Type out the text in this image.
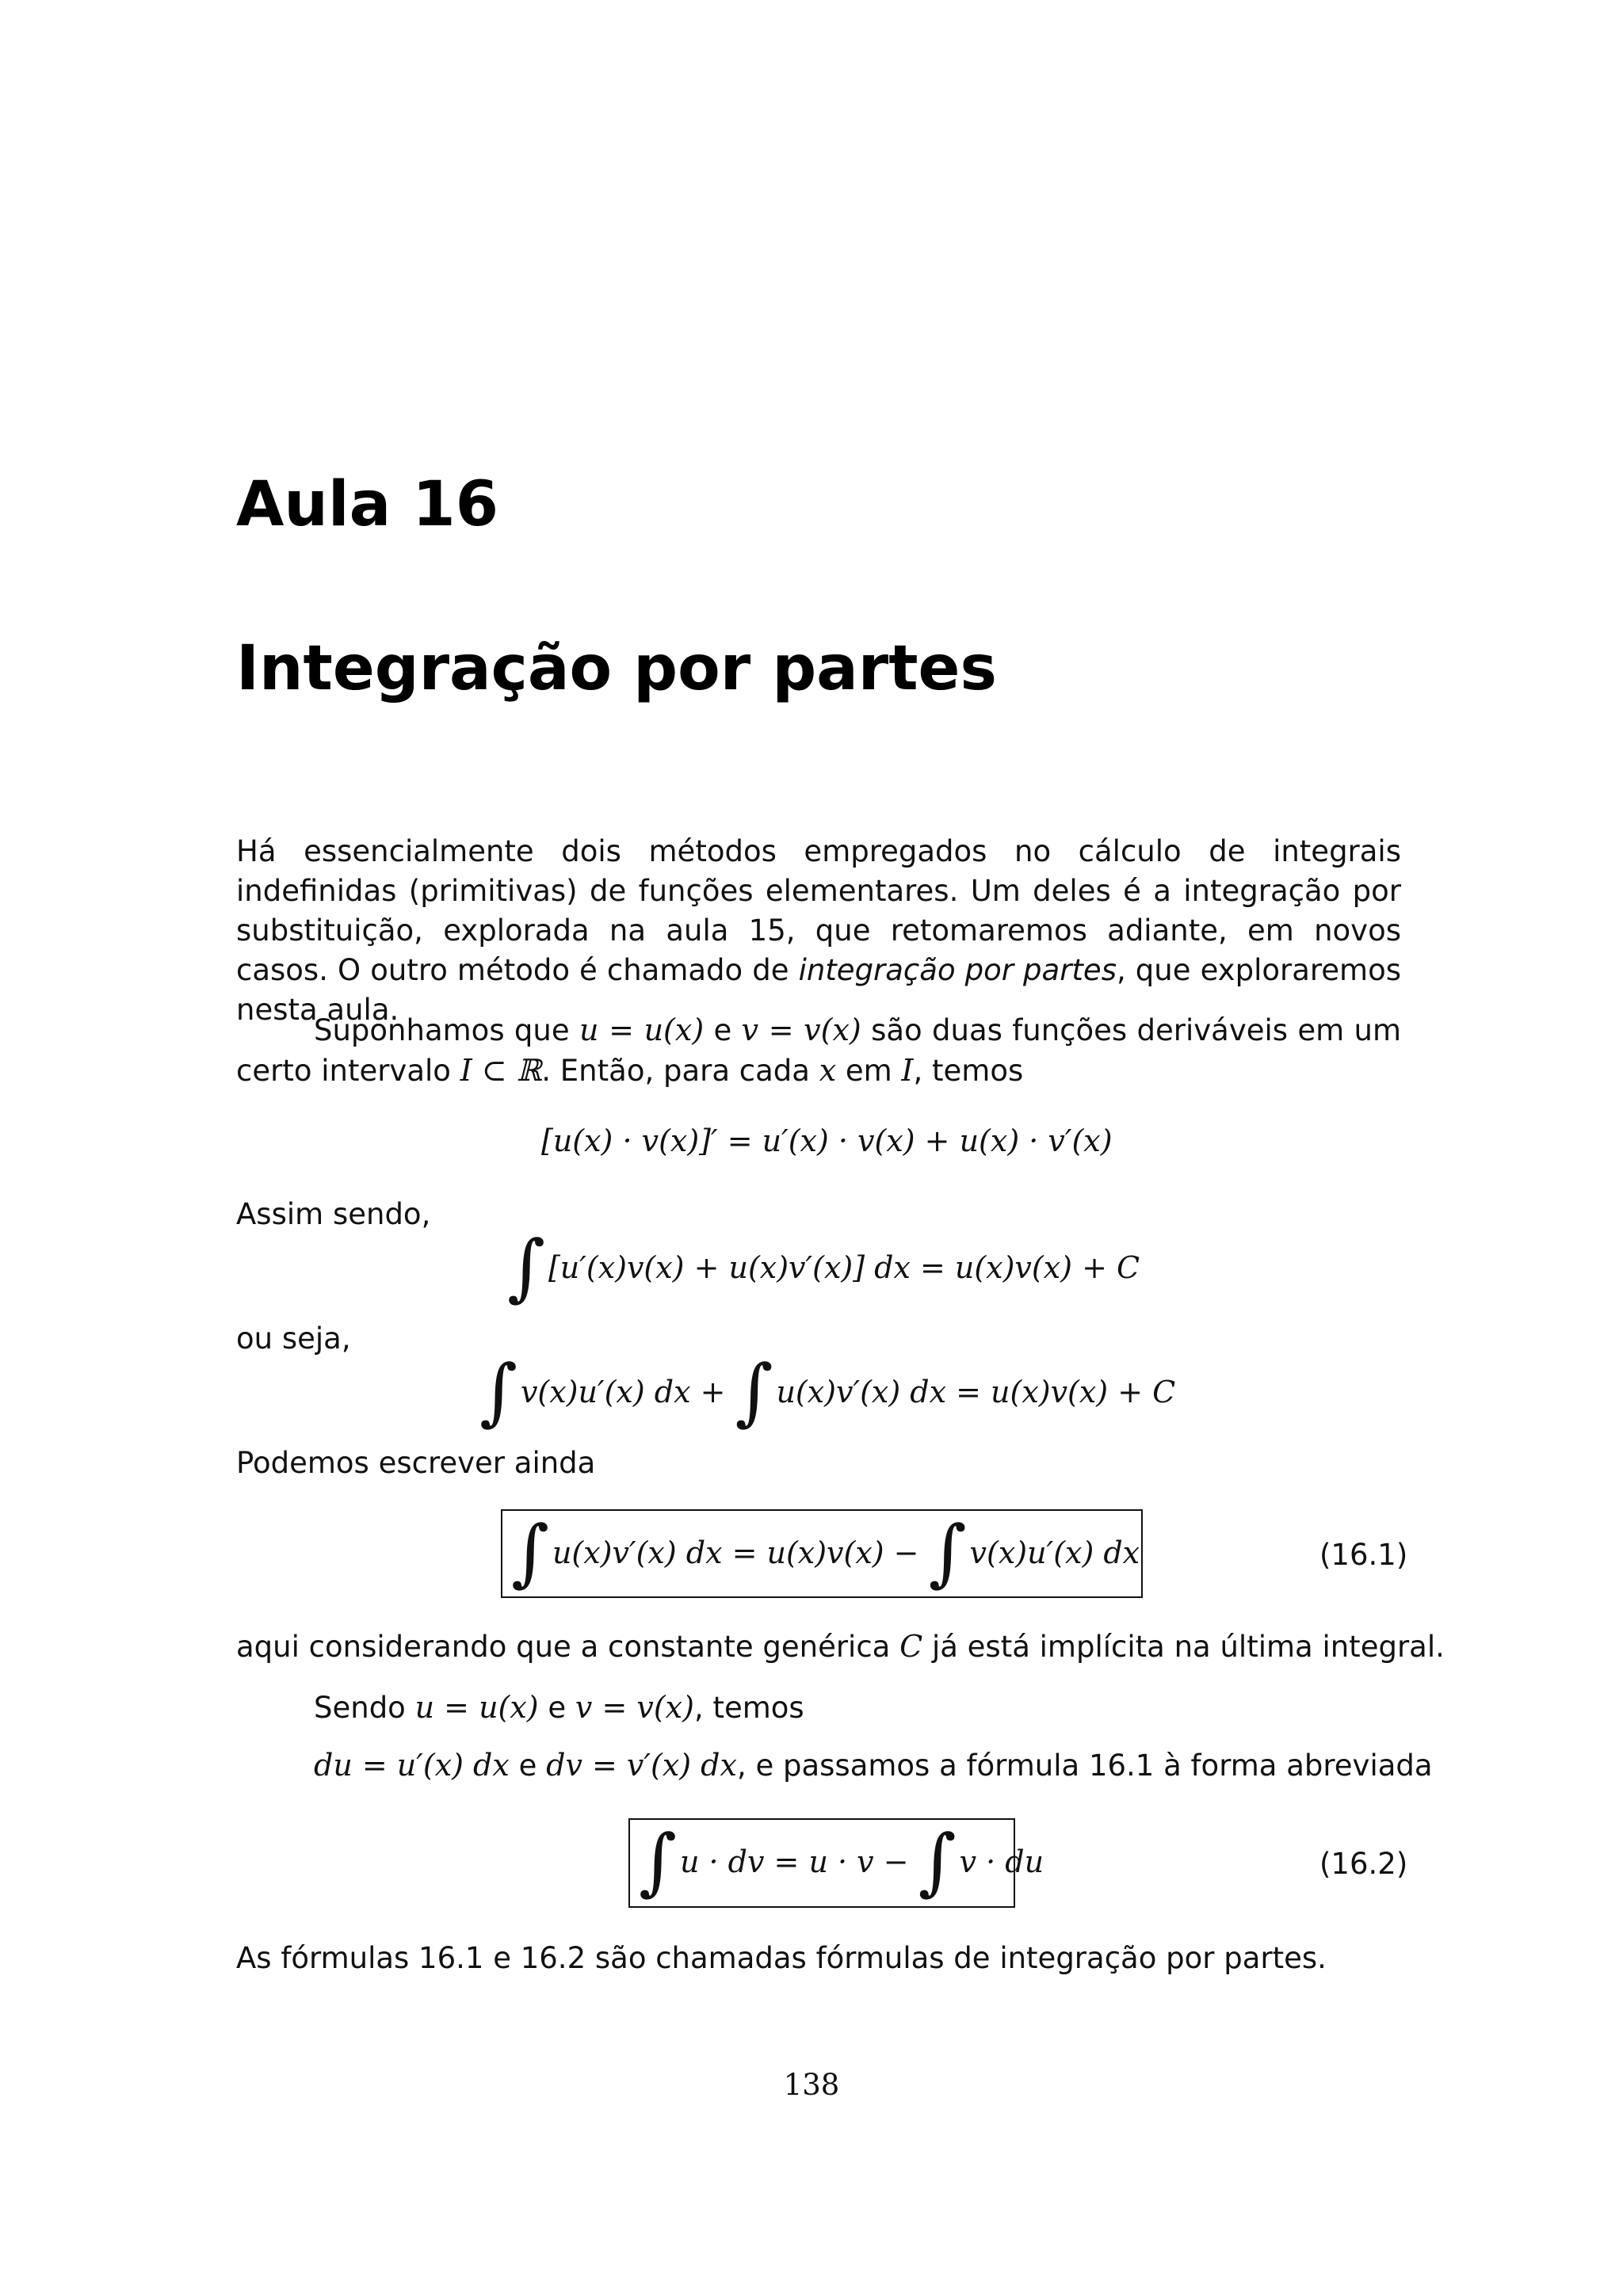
Aula 16
Integração por partes

Há essencialmente dois métodos empregados no cálculo de integrais indefinidas (primitivas) de funções elementares. Um deles é a integração por substituição, explorada na aula 15, que retomaremos adiante, em novos casos. O outro método é chamado de integração por partes, que exploraremos nesta aula.

Suponhamos que u = u(x) e v = v(x) são duas funções deriváveis em um certo intervalo I ⊂ ℝ. Então, para cada x em I, temos

[u(x) · v(x)]′ = u′(x) · v(x) + u(x) · v′(x)

Assim sendo,

∫ [u′(x)v(x) + u(x)v′(x)] dx = u(x)v(x) + C

ou seja,

∫ v(x)u′(x) dx + ∫ u(x)v′(x) dx = u(x)v(x) + C

Podemos escrever ainda

∫ u(x)v′(x) dx = u(x)v(x) − ∫ v(x)u′(x) dx	(16.1)

aqui considerando que a constante genérica C já está implícita na última integral.

Sendo u = u(x) e v = v(x), temos

du = u′(x) dx e dv = v′(x) dx, e passamos a fórmula 16.1 à forma abreviada

∫ u · dv = u · v − ∫ v · du	(16.2)

As fórmulas 16.1 e 16.2 são chamadas fórmulas de integração por partes.

138
